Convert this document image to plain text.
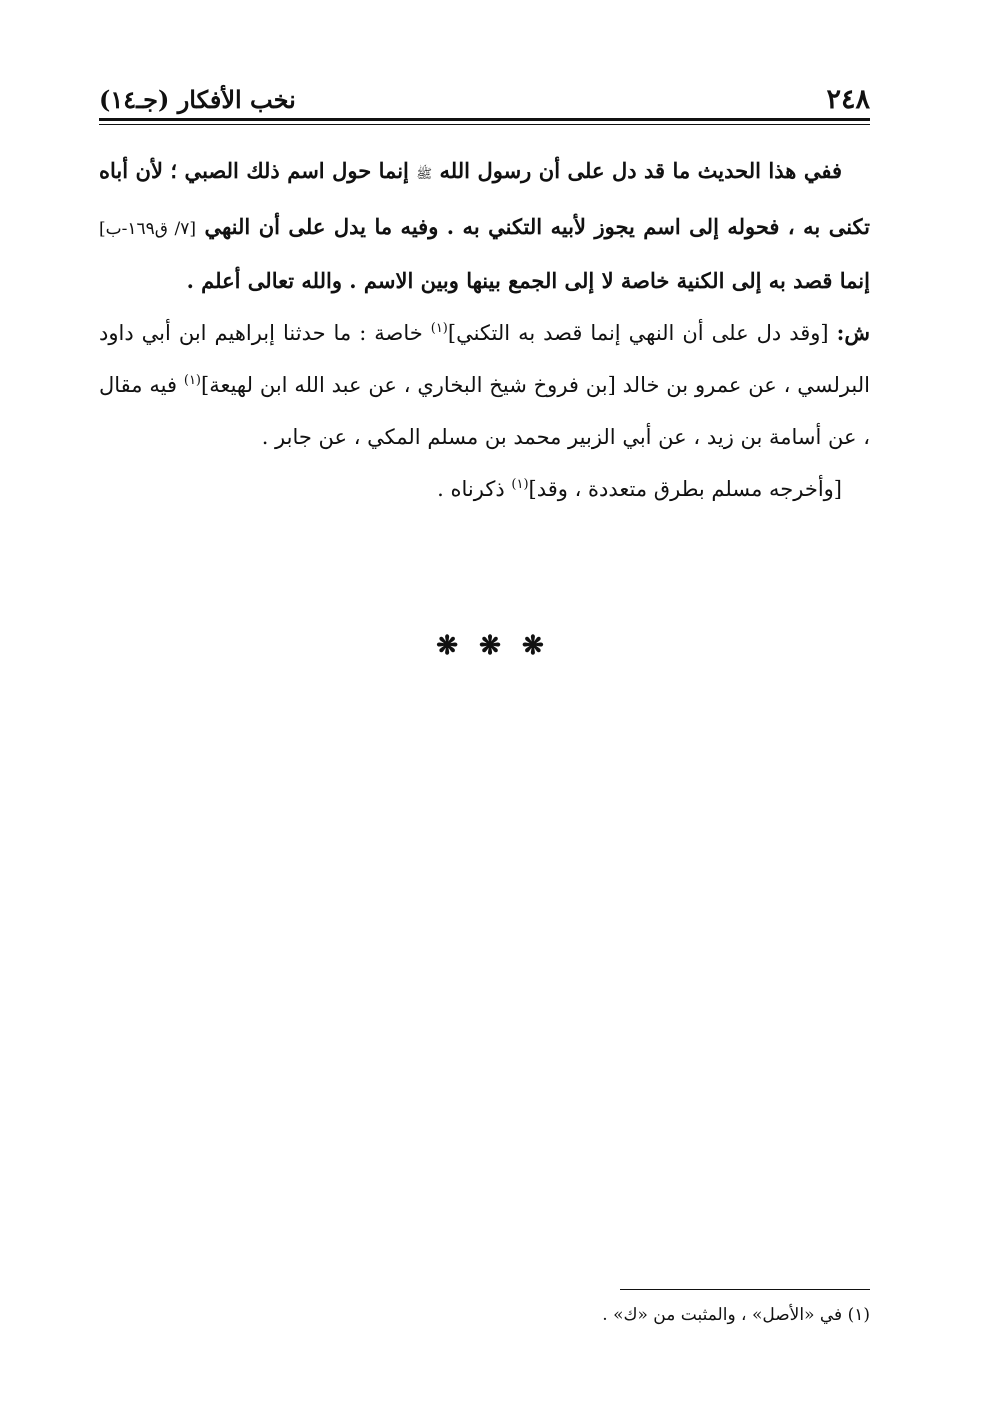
٢٤٨
نخب الأفكار (جـ١٤)

ففي هذا الحديث ما قد دل على أن رسول الله ﷺ إنما حول اسم ذلك الصبي ؛ لأن أباه تكنى به ، فحوله إلى اسم يجوز لأبيه التكني به . وفيه ما يدل على أن النهي [٧/ ق١٦٩-ب] إنما قصد به إلى الكنية خاصة لا إلى الجمع بينها وبين الاسم . والله تعالى أعلم .

ش: [وقد دل على أن النهي إنما قصد به التكني]$^{(١)}$ خاصة : ما حدثنا إبراهيم ابن أبي داود البرلسي ، عن عمرو بن خالد [بن فروخ شيخ البخاري ، عن عبد الله ابن لهيعة]$^{(١)}$ فيه مقال ، عن أسامة بن زيد ، عن أبي الزبير محمد بن مسلم المكي ، عن جابر .

[وأخرجه مسلم بطرق متعددة ، وقد]$^{(١)}$ ذكرناه .

❋ ❋ ❋
(١) في «الأصل» ، والمثبت من «ك» .
